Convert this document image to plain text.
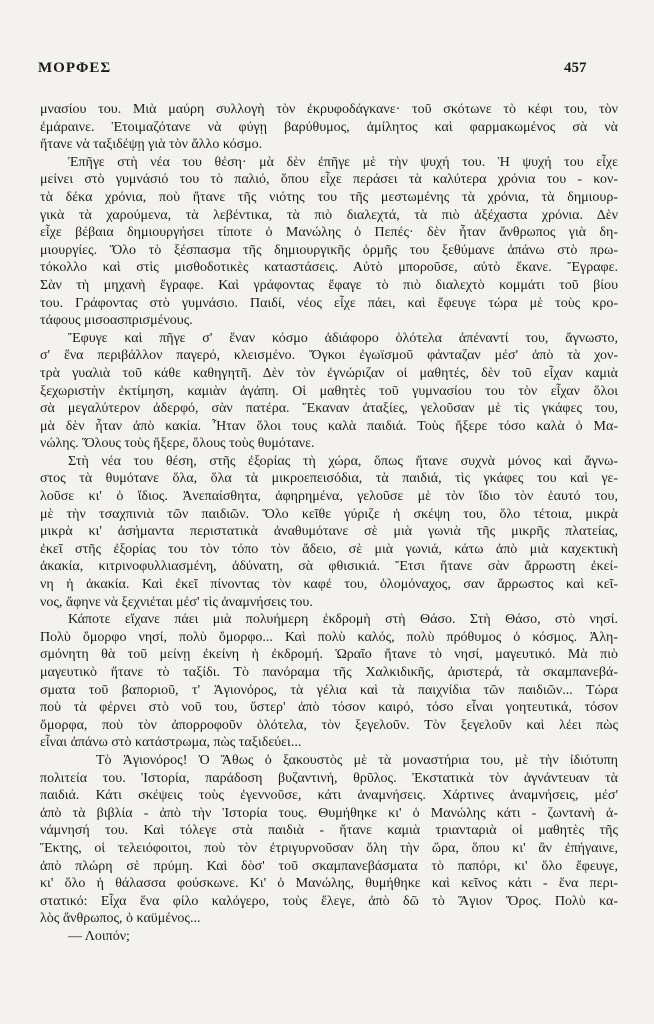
ΜΟΡΦΕΣ	457
μνασίου του. Μιὰ μαύρη συλλογὴ τὸν ἐκρυφοδάγκανε· τοῦ σκότωνε τὸ κέφι του, τὸν
ἐμάραινε. Ἑτοιμαζότανε νὰ φύγῃ βαρύθυμος, ἀμίλητος καὶ φαρμακωμένος σὰ νὰ
ἤτανε νὰ ταξιδέψῃ γιὰ τὸν ἄλλο κόσμο.
Ἐπῆγε στὴ νέα του θέση· μὰ δὲν ἐπῆγε μὲ τὴν ψυχή του. Ἡ ψυχή του εἶχε
μείνει στὸ γυμνάσιό του τὸ παλιό, ὅπου εἶχε περάσει τὰ καλύτερα χρόνια του - κον-
τὰ δέκα χρόνια, ποὺ ἤτανε τῆς νιότης του τῆς μεστωμένης τὰ χρόνια, τὰ δημιουρ-
γικὰ τὰ χαρούμενα, τὰ λεβέντικα, τὰ πιὸ διαλεχτά, τὰ πιὸ ἀξέχαστα χρόνια. Δὲν
εἶχε βέβαια δημιουργήσει τίποτε ὁ Μανώλης ὁ Πεπές· δὲν ἦταν ἄνθρωπος γιὰ δη-
μιουργίες. Ὅλο τὸ ξέσπασμα τῆς δημιουργικῆς ὁρμῆς του ξεθύμανε ἀπάνω στὸ πρω-
τόκολλο καὶ στὶς μισθοδοτικὲς καταστάσεις. Αὐτὸ μποροῦσε, αὐτὸ ἔκανε. Ἔγραφε.
Σὰν τὴ μηχανὴ ἔγραφε. Καὶ γράφοντας ἔφαγε τὸ πιὸ διαλεχτὸ κομμάτι τοῦ βίου
του. Γράφοντας στὸ γυμνάσιο. Παιδί, νέος εἶχε πάει, καὶ ἔφευγε τώρα μὲ τοὺς κρο-
τάφους μισοασπρισμένους.
Ἔφυγε καὶ πῆγε σ' ἕναν κόσμο ἀδιάφορο ὁλότελα ἀπέναντί του, ἄγνωστο,
σ' ἕνα περιβάλλον παγερό, κλεισμένο. Ὄγκοι ἐγωϊσμοῦ φάνταζαν μέσ' ἀπὸ τὰ χον-
τρὰ γυαλιὰ τοῦ κάθε καθηγητῆ. Δὲν τὸν ἐγνώριζαν οἱ μαθητές, δὲν τοῦ εἶχαν καμιὰ
ξεχωριστὴν ἐκτίμηση, καμιὰν ἀγάπη. Οἱ μαθητὲς τοῦ γυμνασίου του τὸν εἶχαν ὅλοι
σὰ μεγαλύτερον ἀδερφό, σὰν πατέρα. Ἔκαναν ἀταξίες, γελοῦσαν μὲ τὶς γκάφες του,
μὰ δὲν ἦταν ἀπὸ κακία. Ἦταν ὅλοι τους καλὰ παιδιά. Τοὺς ἤξερε τόσο καλὰ ὁ Μα-
νώλης. Ὅλους τοὺς ἤξερε, ὅλους τοὺς θυμότανε.
Στὴ νέα του θέση, στῆς ἐξορίας τὴ χώρα, ὅπως ἤτανε συχνὰ μόνος καὶ ἄγνω-
στος τὰ θυμότανε ὅλα, ὅλα τὰ μικροεπεισόδια, τὰ παιδιά, τὶς γκάφες του καὶ γε-
λοῦσε κι' ὁ ἴδιος. Ἀνεπαίσθητα, ἀφηρημένα, γελοῦσε μὲ τὸν ἴδιο τὸν ἑαυτό του,
μὲ τὴν τσαχπινιὰ τῶν παιδιῶν. Ὅλο κεῖθε γύριζε ἡ σκέψη του, ὅλο τέτοια, μικρὰ
μικρὰ κι' ἀσήμαντα περιστατικὰ ἀναθυμότανε σὲ μιὰ γωνιὰ τῆς μικρῆς πλατείας,
ἐκεῖ στῆς ἐξορίας του τὸν τόπο τὸν ἄδειο, σὲ μιὰ γωνιά, κάτω ἀπὸ μιὰ καχεκτικὴ
ἀκακία, κιτρινοφυλλιασμένη, ἀδύνατη, σὰ φθισικιά. Ἔτσι ἤτανε σὰν ἄρρωστη ἐκεί-
νη ἡ ἀκακία. Καὶ ἐκεῖ πίνοντας τὸν καφέ του, ὁλομόναχος, σαν ἄρρωστος καὶ κεῖ-
νος, ἄφηνε νὰ ξεχνιέται μέσ' τὶς ἀναμνήσεις του.
Κάποτε εἴχανε πάει μιὰ πολυήμερη ἐκδρομὴ στὴ Θάσο. Στὴ Θάσο, στὸ νησί.
Πολὺ ὄμορφο νησί, πολὺ ὄμορφο... Καὶ πολὺ καλός, πολὺ πρόθυμος ὁ κόσμος. Ἀλη-
σμόνητη θὰ τοῦ μείνῃ ἐκείνη ἡ ἐκδρομή. Ὡραῖο ἤτανε τὸ νησί, μαγευτικό. Μὰ πιὸ
μαγευτικὸ ἤτανε τὸ ταξίδι. Τὸ πανόραμα τῆς Χαλκιδικῆς, ἀριστερά, τὰ σκαμπανεβά-
σματα τοῦ βαποριοῦ, τ' Ἁγιονόρος, τὰ γέλια καὶ τὰ παιχνίδια τῶν παιδιῶν... Τώρα
ποὺ τὰ φέρνει στὸ νοῦ του, ὕστερ' ἀπὸ τόσον καιρό, τόσο εἶναι γοητευτικά, τόσον
ὄμορφα, ποὺ τὸν ἀπορροφοῦν ὁλότελα, τὸν ξεγελοῦν. Τὸν ξεγελοῦν καὶ λέει πὼς
εἶναι ἀπάνω στὸ κατάστρωμα, πὼς ταξιδεύει...
Τὸ Ἁγιονόρος! Ὁ Ἄθως ὁ ξακουστὸς μὲ τὰ μοναστήρια του, μὲ τὴν ἰδιότυπη
πολιτεία του. Ἱστορία, παράδοση βυζαντινή, θρῦλος. Ἐκστατικὰ τὸν ἀγνάντευαν τὰ
παιδιά. Κάτι σκέψεις τοὺς ἐγεννοῦσε, κάτι ἀναμνήσεις. Χάρτινες ἀναμνήσεις, μέσ'
ἀπὸ τὰ βιβλία - ἀπὸ τὴν Ἱστορία τους. Θυμήθηκε κι' ὁ Μανώλης κάτι - ζωντανὴ ἀ-
νάμνησή του. Καὶ τόλεγε στὰ παιδιὰ - ἤτανε καμιὰ τριανταριὰ οἱ μαθητὲς τῆς
Ἕκτης, οἱ τελειόφοιτοι, ποὺ τὸν ἐτριγυρνοῦσαν ὅλη τὴν ὥρα, ὅπου κι' ἂν ἐπήγαινε,
ἀπὸ πλώρη σὲ πρύμη. Καὶ δὸσ' τοῦ σκαμπανεβάσματα τὸ παπόρι, κι' ὅλο ἔφευγε,
κι' ὅλο ἡ θάλασσα φούσκωνε. Κι' ὁ Μανώλης, θυμήθηκε καὶ κεῖνος κάτι - ἕνα περι-
στατικό: Εἶχα ἕνα φίλο καλόγερο, τοὺς ἔλεγε, ἀπὸ δῶ τὸ Ἅγιον Ὄρος. Πολὺ κα-
λὸς ἄνθρωπος, ὁ καϋμένος...
— Λοιπόν;
